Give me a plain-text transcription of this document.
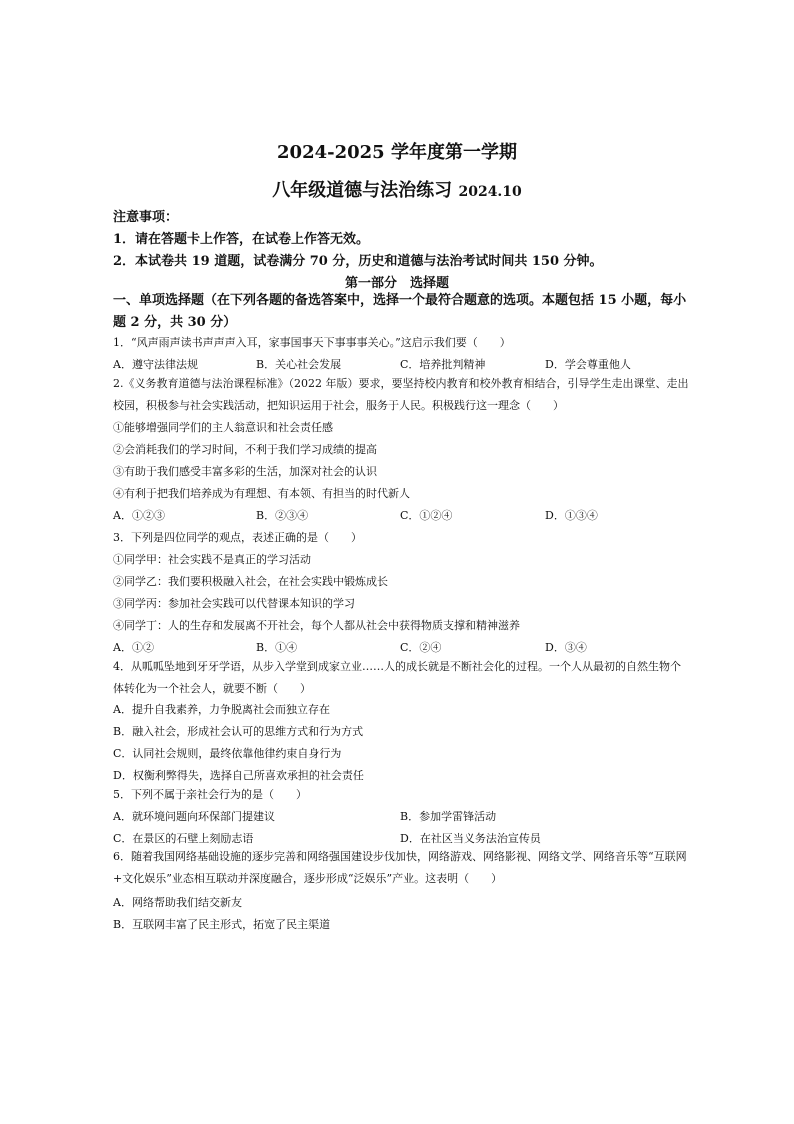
2024-2025 学年度第一学期
八年级道德与法治练习 2024.10
注意事项：
1．请在答题卡上作答，在试卷上作答无效。
2．本试卷共 19 道题，试卷满分 70 分，历史和道德与法治考试时间共 150 分钟。
第一部分　选择题
一、单项选择题（在下列各题的备选答案中，选择一个最符合题意的选项。本题包括 15 小题，每小题 2 分，共 30 分）
1．“风声雨声读书声声声入耳，家事国事天下事事事关心。”这启示我们要（　　）
A．遵守法律法规	B．关心社会发展	C．培养批判精神	D．学会尊重他人
2.《义务教育道德与法治课程标准》（2022 年版）要求，要坚持校内教育和校外教育相结合，引导学生走出课堂、走出校园，积极参与社会实践活动，把知识运用于社会，服务于人民。积极践行这一理念（　　）
①能够增强同学们的主人翁意识和社会责任感
②会消耗我们的学习时间，不利于我们学习成绩的提高
③有助于我们感受丰富多彩的生活，加深对社会的认识
④有利于把我们培养成为有理想、有本领、有担当的时代新人
A．①②③	B．②③④	C．①②④	D．①③④
3．下列是四位同学的观点，表述正确的是（　　）
①同学甲：社会实践不是真正的学习活动
②同学乙：我们要积极融入社会，在社会实践中锻炼成长
③同学丙：参加社会实践可以代替课本知识的学习
④同学丁：人的生存和发展离不开社会，每个人都从社会中获得物质支撑和精神滋养
A．①②	B．①④	C．②④	D．③④
4．从呱呱坠地到牙牙学语，从步入学堂到成家立业……人的成长就是不断社会化的过程。一个人从最初的自然生物个体转化为一个社会人，就要不断（　　）
A．提升自我素养，力争脱离社会而独立存在
B．融入社会，形成社会认可的思维方式和行为方式
C．认同社会规则，最终依靠他律约束自身行为
D．权衡利弊得失，选择自己所喜欢承担的社会责任
5．下列不属于亲社会行为的是（　　）
A．就环境问题向环保部门提建议	B．参加学雷锋活动
C．在景区的石壁上刻励志语	D．在社区当义务法治宣传员
6．随着我国网络基础设施的逐步完善和网络强国建设步伐加快，网络游戏、网络影视、网络文学、网络音乐等“互联网+文化娱乐”业态相互联动并深度融合，逐步形成“泛娱乐”产业。这表明（　　）
A．网络帮助我们结交新友
B．互联网丰富了民主形式，拓宽了民主渠道
